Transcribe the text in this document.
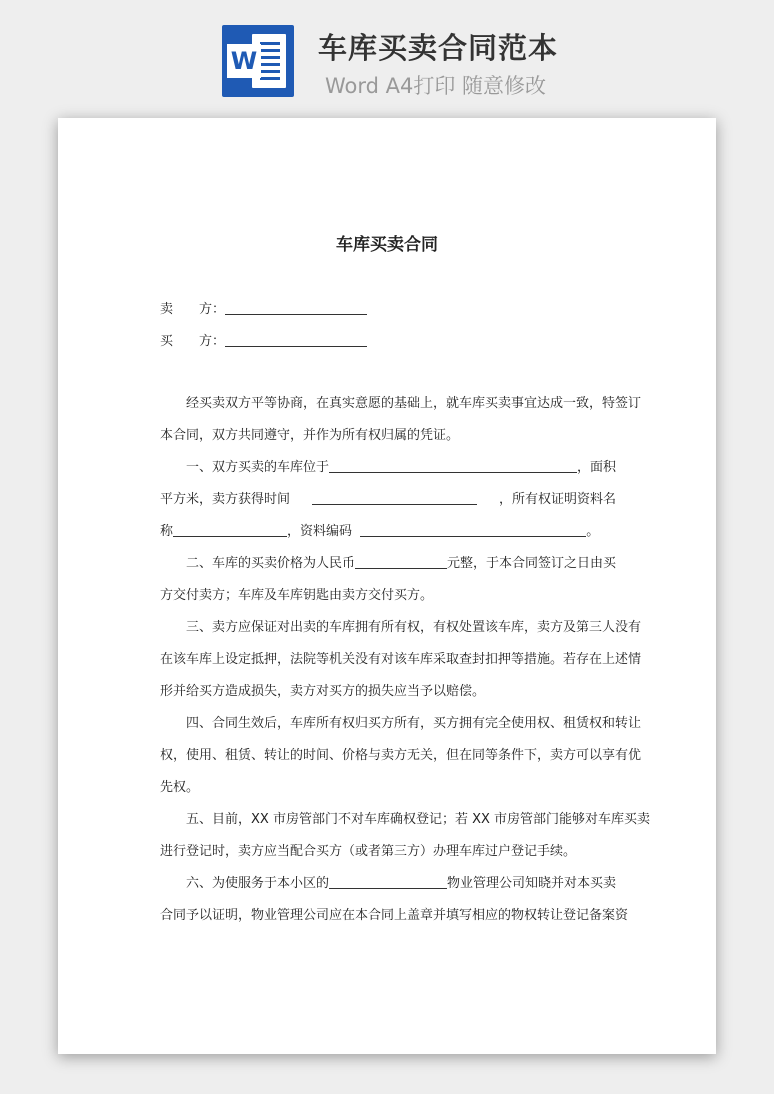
W 车库买卖合同范本
Word A4打印 随意修改
车库买卖合同
卖　　方：
买　　方：
经买卖双方平等协商，在真实意愿的基础上，就车库买卖事宜达成一致，特签订
本合同，双方共同遵守，并作为所有权归属的凭证。
一、双方买卖的车库位于	，面积
平方米，卖方获得时间	，所有权证明资料名
称	，资料编码	。
二、车库的买卖价格为人民币	元整，于本合同签订之日由买
方交付卖方；车库及车库钥匙由卖方交付买方。
三、卖方应保证对出卖的车库拥有所有权，有权处置该车库，卖方及第三人没有
在该车库上设定抵押，法院等机关没有对该车库采取查封扣押等措施。若存在上述情
形并给买方造成损失，卖方对买方的损失应当予以赔偿。
四、合同生效后，车库所有权归买方所有，买方拥有完全使用权、租赁权和转让
权，使用、租赁、转让的时间、价格与卖方无关，但在同等条件下，卖方可以享有优
先权。
五、目前，XX 市房管部门不对车库确权登记；若 XX 市房管部门能够对车库买卖
进行登记时，卖方应当配合买方（或者第三方）办理车库过户登记手续。
六、为使服务于本小区的	物业管理公司知晓并对本买卖
合同予以证明，物业管理公司应在本合同上盖章并填写相应的物权转让登记备案资
